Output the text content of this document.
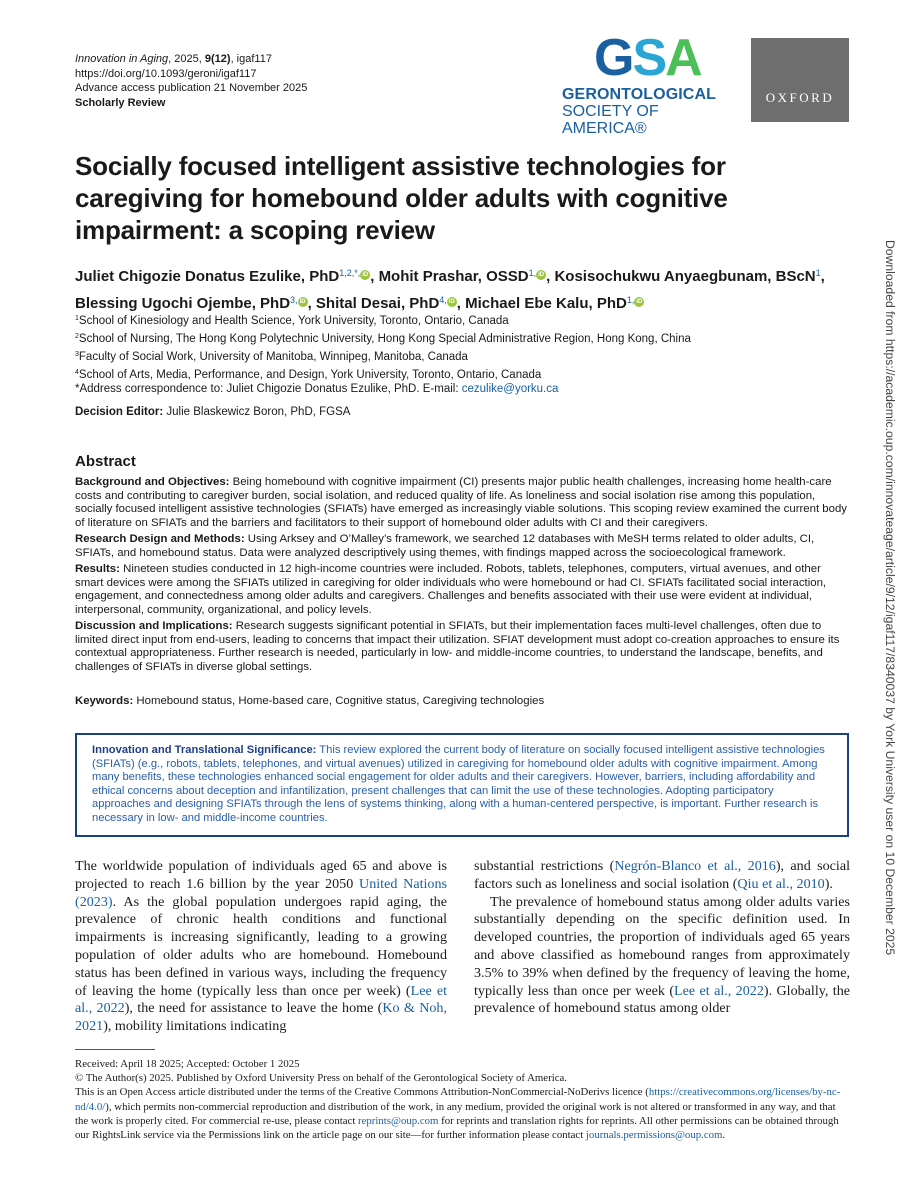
Innovation in Aging, 2025, 9(12), igaf117
https://doi.org/10.1093/geroni/igaf117
Advance access publication 21 November 2025
Scholarly Review
GSA
GERONTOLOGICAL
SOCIETY OF AMERICA®
OXFORD
Socially focused intelligent assistive technologies for caregiving for homebound older adults with cognitive impairment: a scoping review
Juliet Chigozie Donatus Ezulike, PhD$^{1,2,*,}$ iD , Mohit Prashar, $OSSD^{1,}$ iD , Kosisochukwu Anyaegbunam, BScN$^1$, Blessing Ugochi Ojembe, PhD$^{3,}$ iD , Shital Desai, PhD$^{4,}$ iD , Michael Ebe Kalu, PhD$^{1,}$ iD
$^1$School of Kinesiology and Health Science, York University, Toronto, Ontario, Canada
$^2$School of Nursing, The Hong Kong Polytechnic University, Hong Kong Special Administrative Region, Hong Kong, China
$^3$Faculty of Social Work, University of Manitoba, Winnipeg, Manitoba, Canada
$^4$School of Arts, Media, Performance, and Design, York University, Toronto, Ontario, Canada
*Address correspondence to: Juliet Chigozie Donatus Ezulike, PhD. E-mail: cezulike@yorku.ca
Decision Editor: Julie Blaskewicz Boron, PhD, FGSA
Abstract

Background and Objectives: Being homebound with cognitive impairment (CI) presents major public health challenges, increasing home health-care costs and contributing to caregiver burden, social isolation, and reduced quality of life. As loneliness and social isolation rise among this population, socially focused intelligent assistive technologies (SFIATs) have emerged as increasingly viable solutions. This scoping review examined the current body of literature on SFIATs and the barriers and facilitators to their support of homebound older adults with CI and their caregivers.

Research Design and Methods: Using Arksey and O’Malley’s framework, we searched 12 databases with MeSH terms related to older adults, CI, SFIATs, and homebound status. Data were analyzed descriptively using themes, with findings mapped across the socioecological framework.

Results: Nineteen studies conducted in 12 high-income countries were included. Robots, tablets, telephones, computers, virtual avenues, and other smart devices were among the SFIATs utilized in caregiving for older individuals who were homebound or had CI. SFIATs facilitated social interaction, engagement, and connectedness among older adults and caregivers. Challenges and benefits associated with their use were evident at individual, interpersonal, community, organizational, and policy levels.

Discussion and Implications: Research suggests significant potential in SFIATs, but their implementation faces multi-level challenges, often due to limited direct input from end-users, leading to concerns that impact their utilization. SFIAT development must adopt co-creation approaches to ensure its contextual appropriateness. Further research is needed, particularly in low- and middle-income countries, to understand the landscape, benefits, and challenges of SFIATs in diverse global settings.

Keywords: Homebound status, Home-based care, Cognitive status, Caregiving technologies
Innovation and Translational Significance: This review explored the current body of literature on socially focused intelligent assistive technologies (SFIATs) (e.g., robots, tablets, telephones, and virtual avenues) utilized in caregiving for homebound older adults with cognitive impairment. Among many benefits, these technologies enhanced social engagement for older adults and their caregivers. However, barriers, including affordability and ethical concerns about deception and infantilization, present challenges that can limit the use of these technologies. Adopting participatory approaches and designing SFIATs through the lens of systems thinking, along with a human-centered perspective, is important. Further research is necessary in low- and middle-income countries.

The worldwide population of individuals aged 65 and above is projected to reach 1.6 billion by the year 2050 United Nations (2023). As the global population undergoes rapid aging, the prevalence of chronic health conditions and functional impairments is increasing significantly, leading to a growing population of older adults who are homebound. Homebound status has been defined in various ways, including the frequency of leaving the home (typically less than once per week) (Lee et al., 2022), the need for assistance to leave the home (Ko & Noh, 2021), mobility limitations indicating

substantial restrictions (Negrón-Blanco et al., 2016), and social factors such as loneliness and social isolation (Qiu et al., 2010).

The prevalence of homebound status among older adults varies substantially depending on the specific definition used. In developed countries, the proportion of individuals aged 65 years and above classified as homebound ranges from approximately 3.5% to 39% when defined by the frequency of leaving the home, typically less than once per week (Lee et al., 2022). Globally, the prevalence of homebound status among older

Received: April 18 2025; Accepted: October 1 2025
© The Author(s) 2025. Published by Oxford University Press on behalf of the Gerontological Society of America.
This is an Open Access article distributed under the terms of the Creative Commons Attribution-NonCommercial-NoDerivs licence (https://creativecommons.org/licenses/by-nc-nd/4.0/), which permits non-commercial reproduction and distribution of the work, in any medium, provided the original work is not altered or transformed in any way, and that the work is properly cited. For commercial re-use, please contact reprints@oup.com for reprints and translation rights for reprints. All other permissions can be obtained through our RightsLink service via the Permissions link on the article page on our site—for further information please contact journals.permissions@oup.com.
Downloaded from https://academic.oup.com/innovateage/article/9/12/igaf117/8340037 by York University user on 10 December 2025
